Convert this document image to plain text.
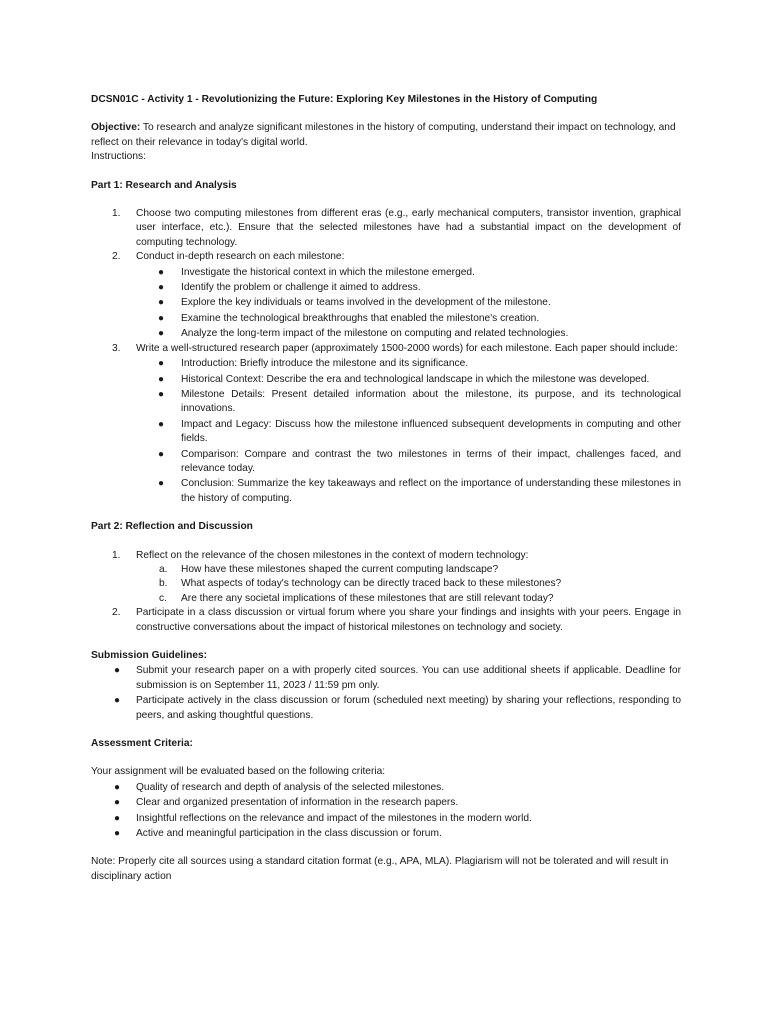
DCSN01C - Activity 1 - Revolutionizing the Future: Exploring Key Milestones in the History of Computing

Objective: To research and analyze significant milestones in the history of computing, understand their impact on technology, and reflect on their relevance in today's digital world.

Instructions:

Part 1: Research and Analysis

1. Choose two computing milestones from different eras (e.g., early mechanical computers, transistor invention, graphical user interface, etc.). Ensure that the selected milestones have had a substantial impact on the development of computing technology.
2. Conduct in-depth research on each milestone:
● Investigate the historical context in which the milestone emerged.
● Identify the problem or challenge it aimed to address.
● Explore the key individuals or teams involved in the development of the milestone.
● Examine the technological breakthroughs that enabled the milestone's creation.
● Analyze the long-term impact of the milestone on computing and related technologies.
3. Write a well-structured research paper (approximately 1500-2000 words) for each milestone. Each paper should include:
● Introduction: Briefly introduce the milestone and its significance.
● Historical Context: Describe the era and technological landscape in which the milestone was developed.
● Milestone Details: Present detailed information about the milestone, its purpose, and its technological innovations.
● Impact and Legacy: Discuss how the milestone influenced subsequent developments in computing and other fields.
● Comparison: Compare and contrast the two milestones in terms of their impact, challenges faced, and relevance today.
● Conclusion: Summarize the key takeaways and reflect on the importance of understanding these milestones in the history of computing.

Part 2: Reflection and Discussion

1. Reflect on the relevance of the chosen milestones in the context of modern technology:
a. How have these milestones shaped the current computing landscape?
b. What aspects of today's technology can be directly traced back to these milestones?
c. Are there any societal implications of these milestones that are still relevant today?
2. Participate in a class discussion or virtual forum where you share your findings and insights with your peers. Engage in constructive conversations about the impact of historical milestones on technology and society.

Submission Guidelines:

● Submit your research paper on a with properly cited sources. You can use additional sheets if applicable. Deadline for submission is on September 11, 2023 / 11:59 pm only.
● Participate actively in the class discussion or forum (scheduled next meeting) by sharing your reflections, responding to peers, and asking thoughtful questions.

Assessment Criteria:

Your assignment will be evaluated based on the following criteria:

● Quality of research and depth of analysis of the selected milestones.
● Clear and organized presentation of information in the research papers.
● Insightful reflections on the relevance and impact of the milestones in the modern world.
● Active and meaningful participation in the class discussion or forum.

Note: Properly cite all sources using a standard citation format (e.g., APA, MLA). Plagiarism will not be tolerated and will result in disciplinary action
